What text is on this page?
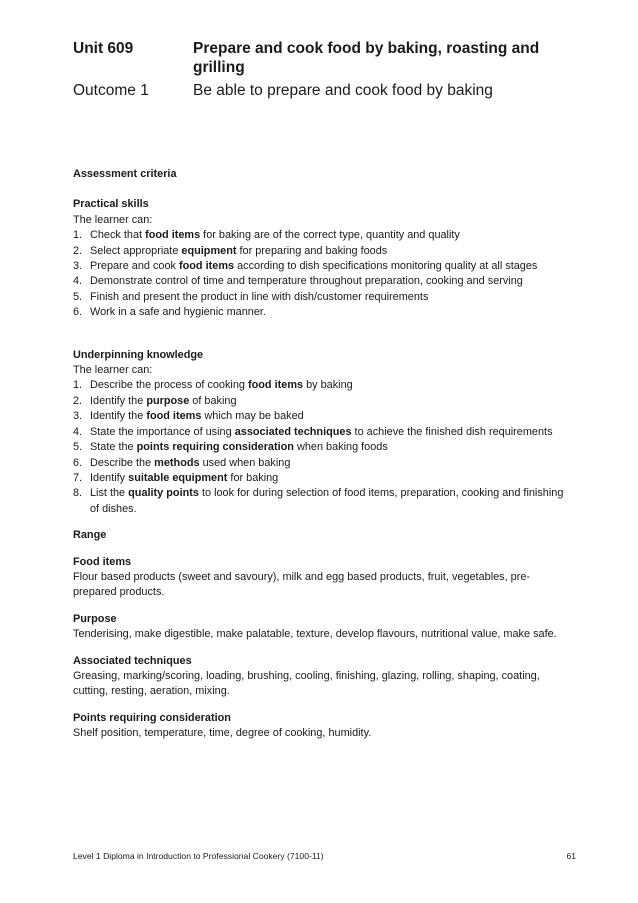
Unit 609	Prepare and cook food by baking, roasting and grilling
Outcome 1	Be able to prepare and cook food by baking
Assessment criteria
Practical skills
The learner can:
1. Check that food items for baking are of the correct type, quantity and quality
2. Select appropriate equipment for preparing and baking foods
3. Prepare and cook food items according to dish specifications monitoring quality at all stages
4. Demonstrate control of time and temperature throughout preparation, cooking and serving
5. Finish and present the product in line with dish/customer requirements
6. Work in a safe and hygienic manner.
Underpinning knowledge
The learner can:
1. Describe the process of cooking food items by baking
2. Identify the purpose of baking
3. Identify the food items which may be baked
4. State the importance of using associated techniques to achieve the finished dish requirements
5. State the points requiring consideration when baking foods
6. Describe the methods used when baking
7. Identify suitable equipment for baking
8. List the quality points to look for during selection of food items, preparation, cooking and finishing of dishes.
Range
Food items
Flour based products (sweet and savoury), milk and egg based products, fruit, vegetables, pre-prepared products.
Purpose
Tenderising, make digestible, make palatable, texture, develop flavours, nutritional value, make safe.
Associated techniques
Greasing, marking/scoring, loading, brushing, cooling, finishing, glazing, rolling, shaping, coating, cutting, resting, aeration, mixing.
Points requiring consideration
Shelf position, temperature, time, degree of cooking, humidity.
Level 1 Diploma in Introduction to Professional Cookery (7100-11)	61
